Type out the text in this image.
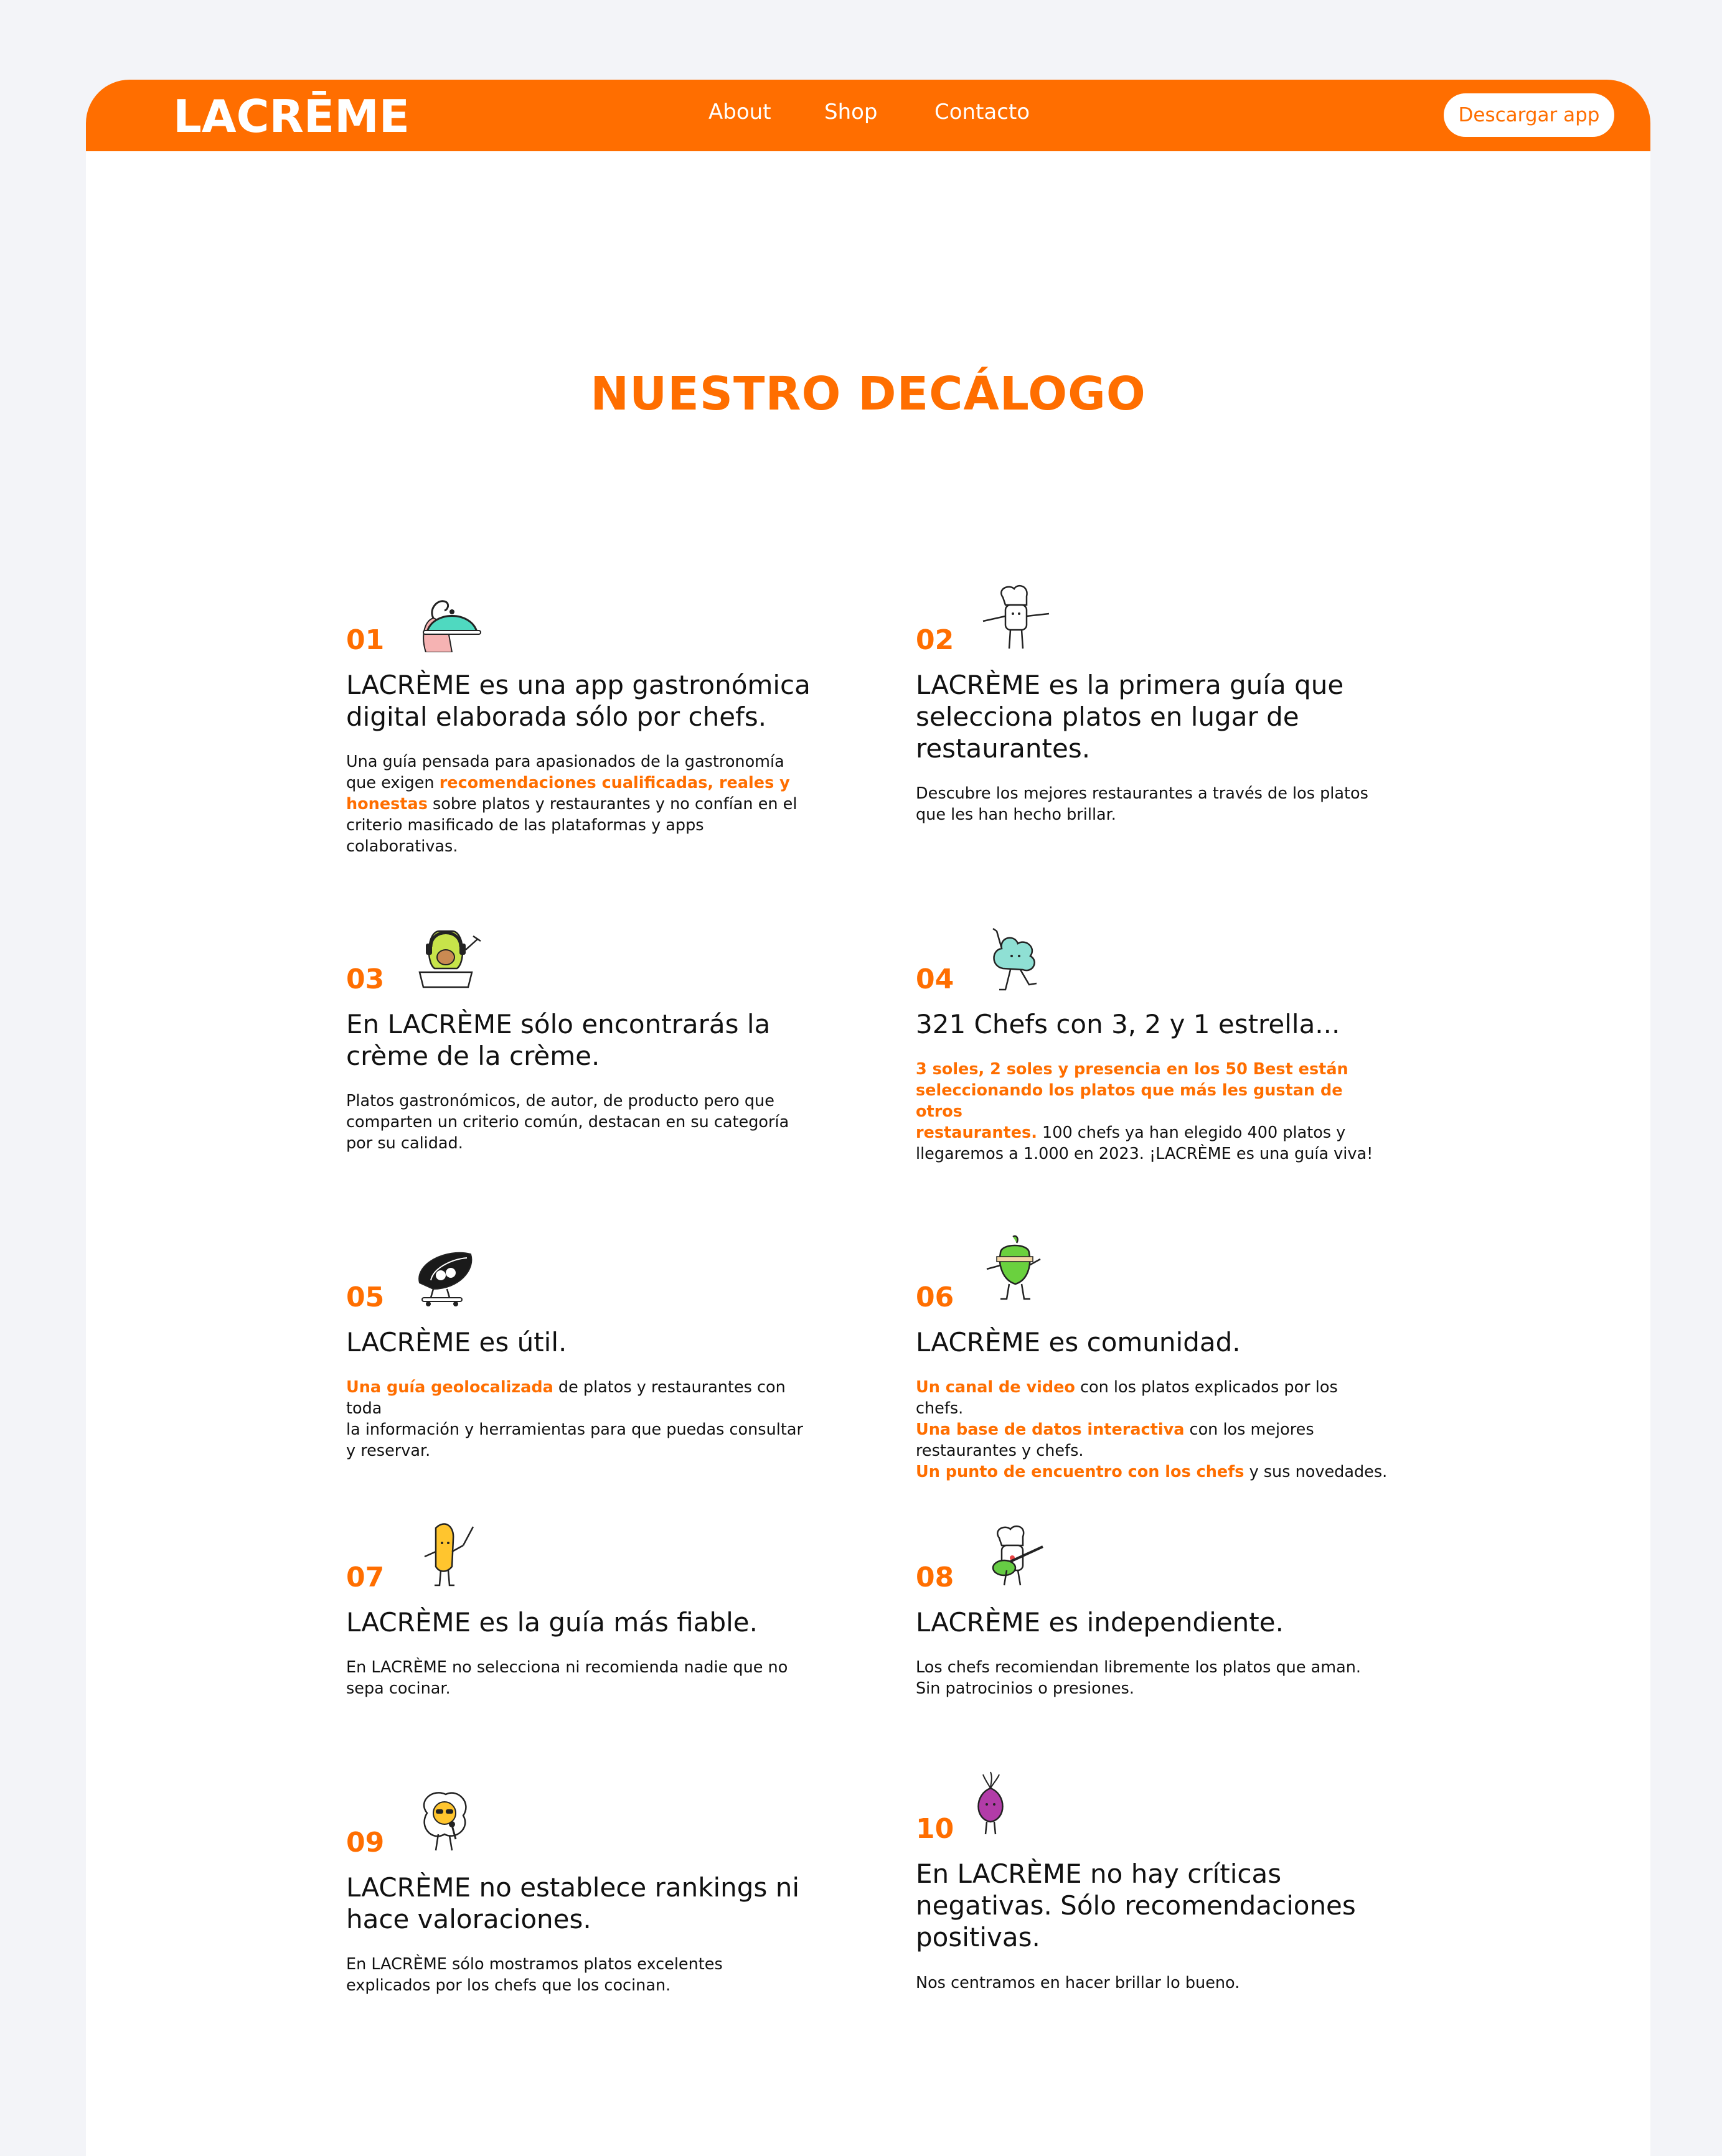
LACRĒME	About	Shop	Contacto	Descargar app
NUESTRO DECÁLOGO
01
LACRÈME es una app gastronómica
digital elaborada sólo por chefs.

Una guía pensada para apasionados de la gastronomía
que exigen recomendaciones cualificadas, reales y
honestas sobre platos y restaurantes y no confían en el
criterio masificado de las plataformas y apps
colaborativas.

02
LACRÈME es la primera guía que
selecciona platos en lugar de
restaurantes.

Descubre los mejores restaurantes a través de los platos
que les han hecho brillar.

03
En LACRÈME sólo encontrarás la
crème de la crème.

Platos gastronómicos, de autor, de producto pero que
comparten un criterio común, destacan en su categoría
por su calidad.

04
321 Chefs con 3, 2 y 1 estrella...

3 soles, 2 soles y presencia en los 50 Best están
seleccionando los platos que más les gustan de otros
restaurantes. 100 chefs ya han elegido 400 platos y
llegaremos a 1.000 en 2023. ¡LACRÈME es una guía viva!

05
LACRÈME es útil.

Una guía geolocalizada de platos y restaurantes con toda
la información y herramientas para que puedas consultar
y reservar.

06
LACRÈME es comunidad.

Un canal de video con los platos explicados por los chefs.
Una base de datos interactiva con los mejores
restaurantes y chefs.
Un punto de encuentro con los chefs y sus novedades.

07
LACRÈME es la guía más fiable.

En LACRÈME no selecciona ni recomienda nadie que no
sepa cocinar.

08
LACRÈME es independiente.

Los chefs recomiendan libremente los platos que aman.
Sin patrocinios o presiones.

09
LACRÈME no establece rankings ni
hace valoraciones.

En LACRÈME sólo mostramos platos excelentes
explicados por los chefs que los cocinan.

10
En LACRÈME no hay críticas
negativas. Sólo recomendaciones
positivas.

Nos centramos en hacer brillar lo bueno.
